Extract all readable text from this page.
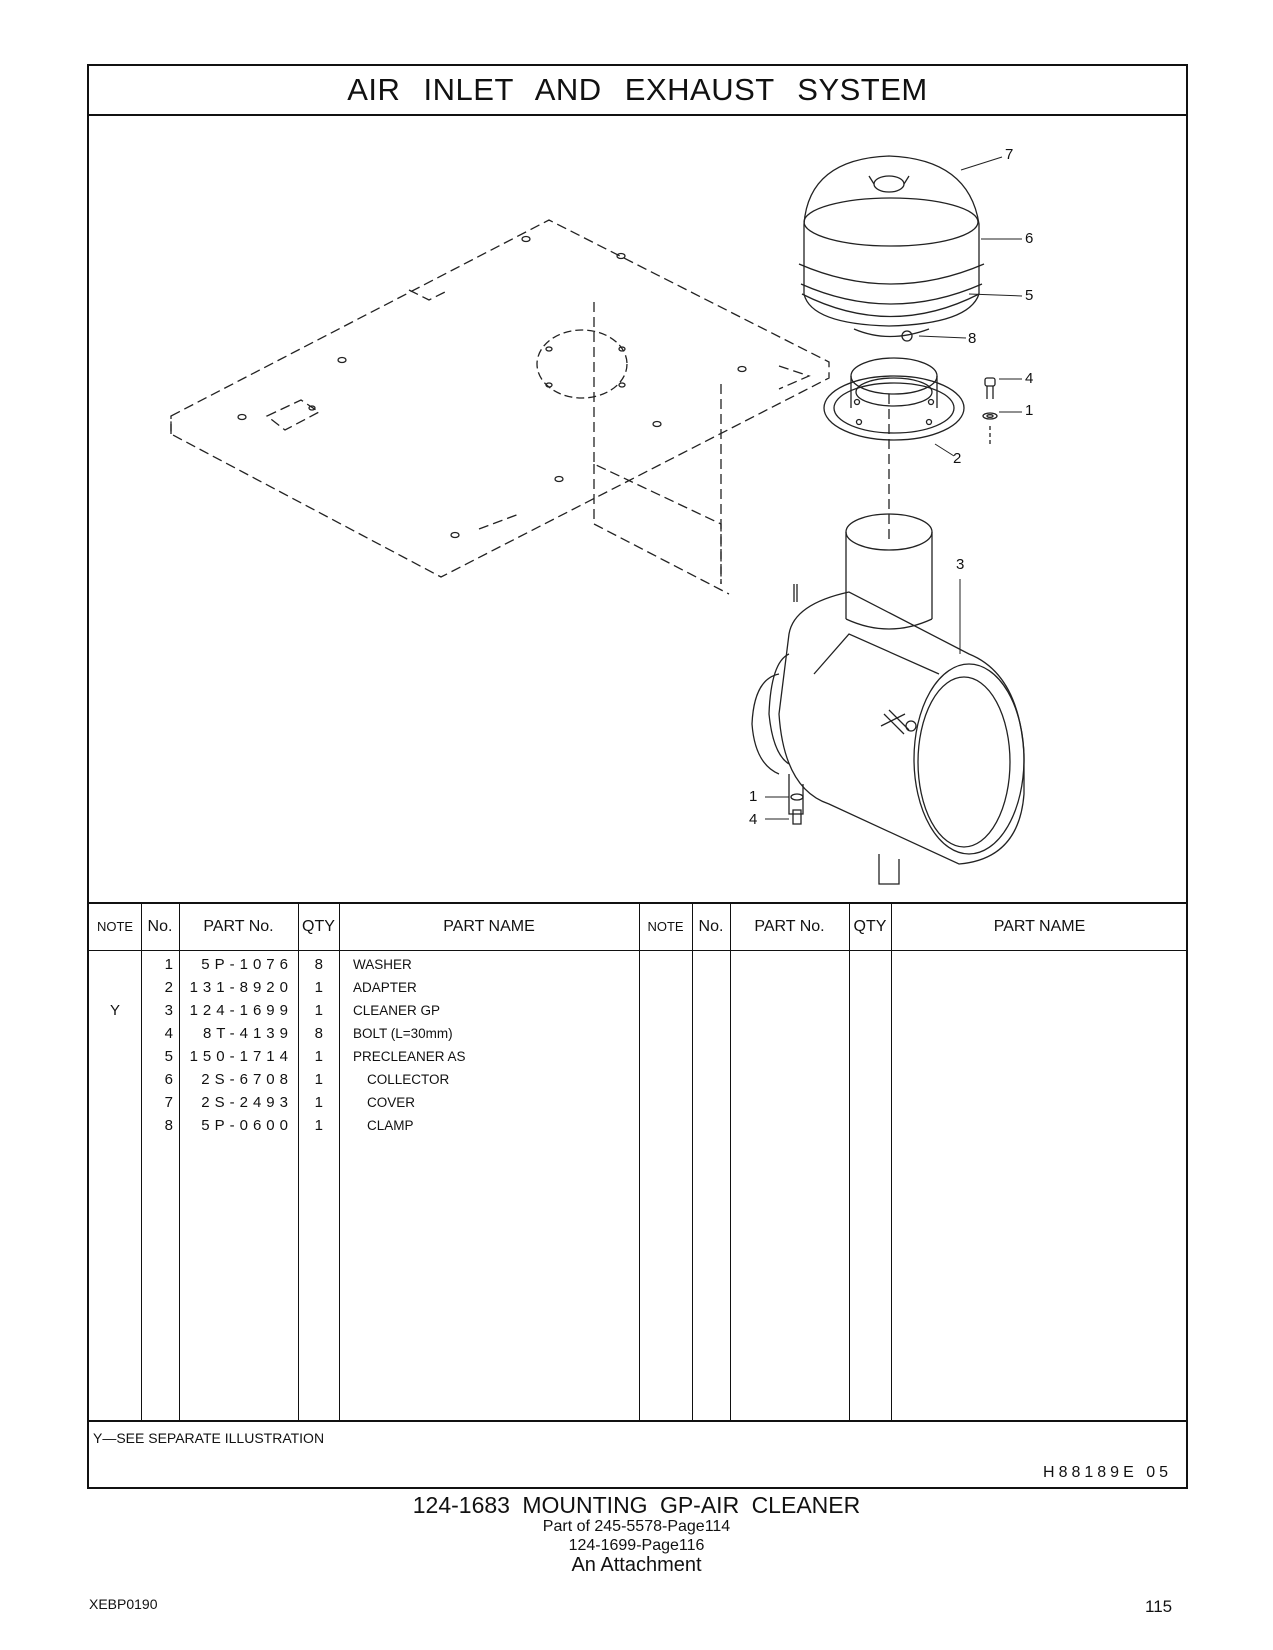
AIR INLET AND EXHAUST SYSTEM
7
6
5
8
4
1
2
3
1
4
NOTE No.	PART No.	QTY	PART NAME	NOTE No.	PART No.	QTY	PART NAME
1	5P-1076	8 WASHER
2	131-8920	1 ADAPTER
Y	3	124-1699	1 CLEANER GP
4	8T-4139	8 BOLT (L=30mm)
5	150-1714	1 PRECLEANER AS
6	2S-6708	1	COLLECTOR
7	2S-2493	1	COVER
8	5P-0600	1	CLAMP
Y―SEE SEPARATE ILLUSTRATION
H88189E 05
124-1683 MOUNTING GP-AIR CLEANER
Part of 245-5578-Page114
124-1699-Page116
An Attachment
XEBP0190	115
